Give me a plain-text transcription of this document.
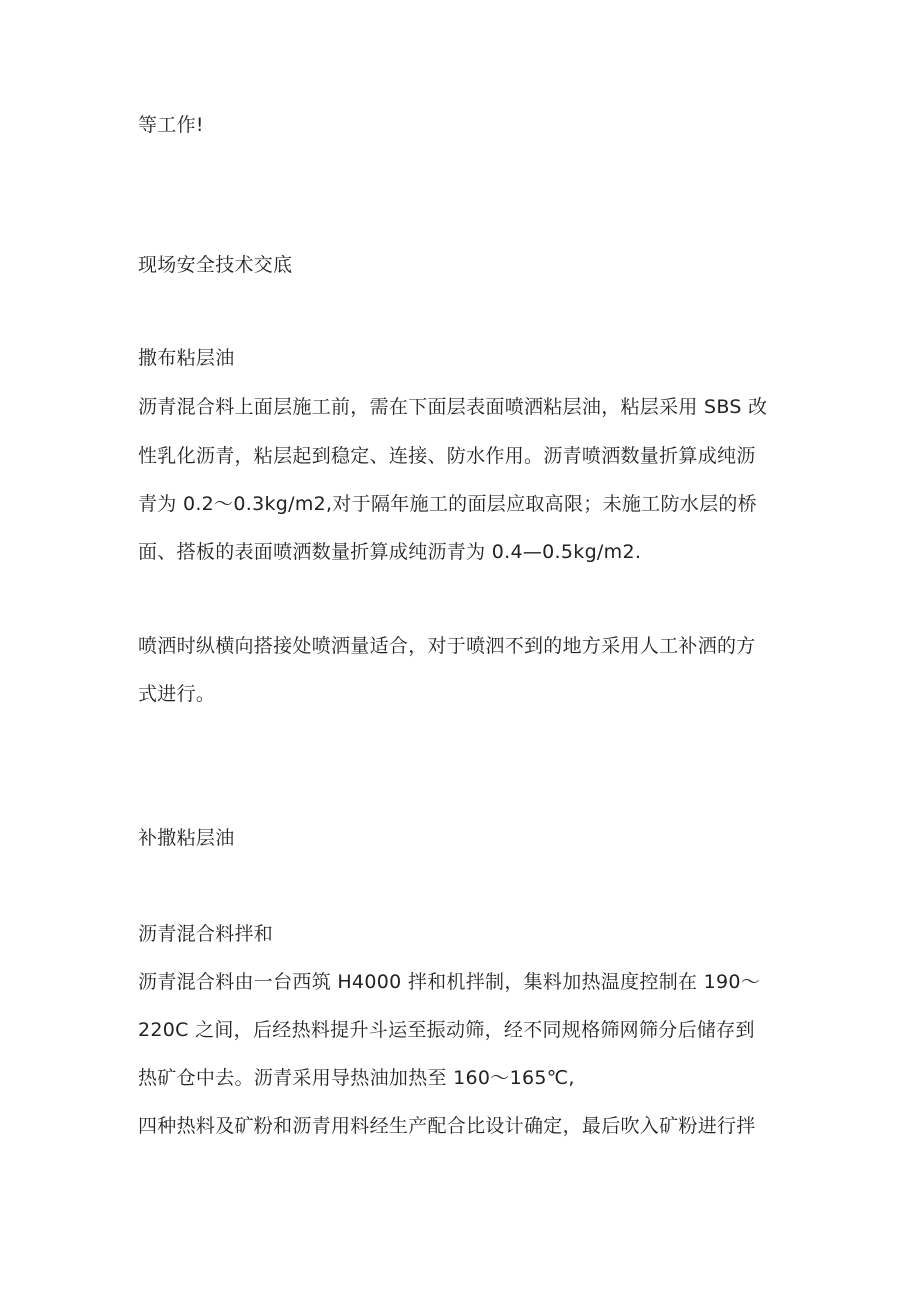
等工作!
现场安全技术交底
撒布粘层油
沥青混合料上面层施工前，需在下面层表面喷洒粘层油，粘层采用 SBS 改
性乳化沥青，粘层起到稳定、连接、防水作用。沥青喷洒数量折算成纯沥
青为 0.2～0.3kg/m2,对于隔年施工的面层应取高限；未施工防水层的桥
面、搭板的表面喷洒数量折算成纯沥青为 0.4—0.5kg/m2.
喷洒时纵横向搭接处喷洒量适合，对于喷泗不到的地方采用人工补洒的方
式进行。
补撒粘层油
沥青混合料拌和
沥青混合料由一台西筑 H4000 拌和机拌制，集料加热温度控制在 190～
220C 之间，后经热料提升斗运至振动筛，经不同规格筛网筛分后储存到
热矿仓中去。沥青采用导热油加热至 160～165℃,
四种热料及矿粉和沥青用料经生产配合比设计确定，最后吹入矿粉进行拌
